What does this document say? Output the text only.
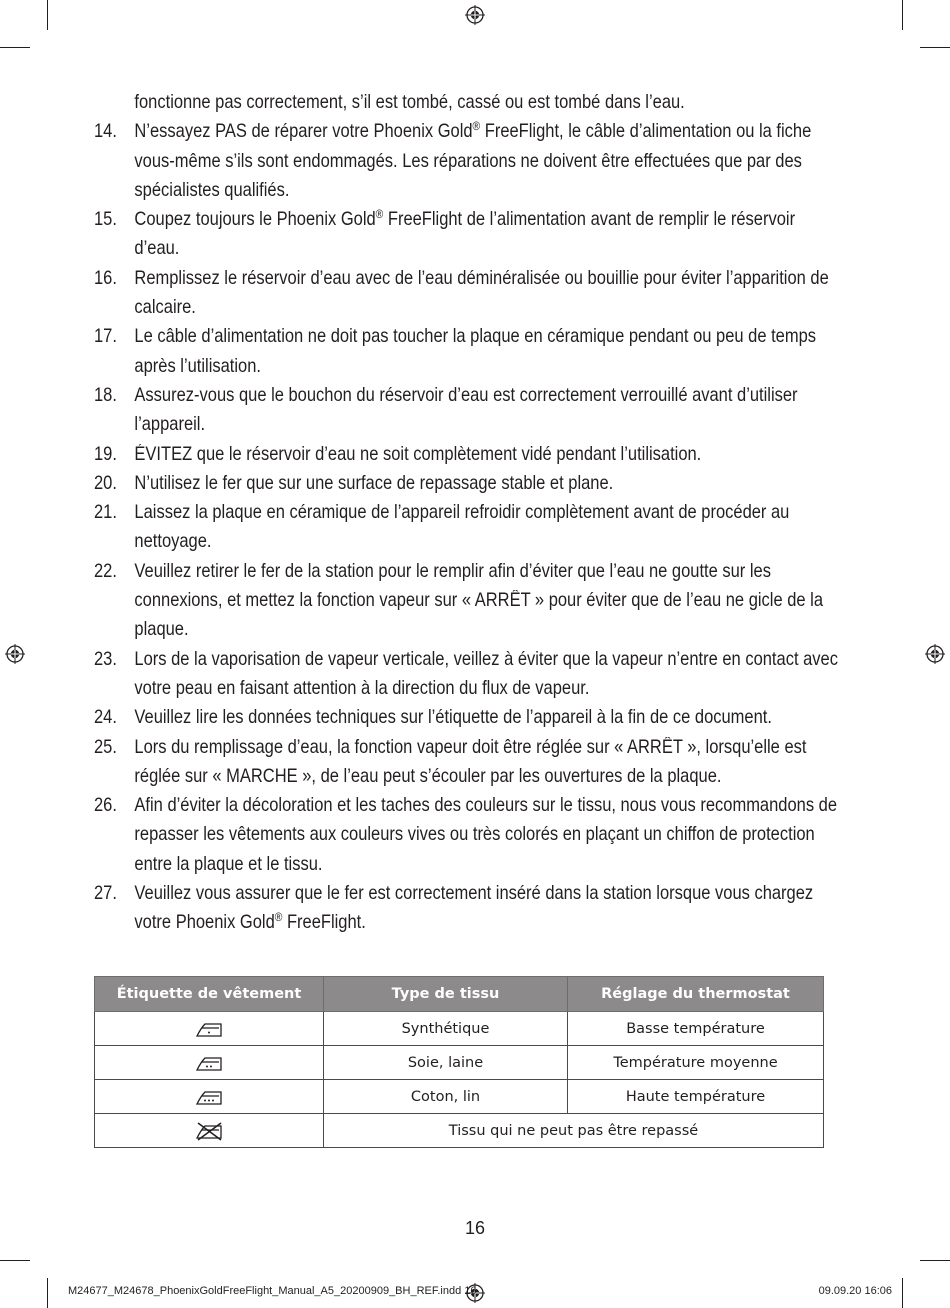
fonctionne pas correctement, s’il est tombé, cassé ou est tombé dans l’eau.
14. N’essayez PAS de réparer votre Phoenix Gold® FreeFlight, le câble d’alimentation ou la fiche
vous-même s’ils sont endommagés. Les réparations ne doivent être effectuées que par des
spécialistes qualifiés.
15. Coupez toujours le Phoenix Gold® FreeFlight de l’alimentation avant de remplir le réservoir
d’eau.
16. Remplissez le réservoir d’eau avec de l’eau déminéralisée ou bouillie pour éviter l’apparition de
calcaire.
17. Le câble d’alimentation ne doit pas toucher la plaque en céramique pendant ou peu de temps
après l’utilisation.
18. Assurez-vous que le bouchon du réservoir d’eau est correctement verrouillé avant d’utiliser
l’appareil.
19. ÉVITEZ que le réservoir d’eau ne soit complètement vidé pendant l’utilisation.
20. N’utilisez le fer que sur une surface de repassage stable et plane.
21. Laissez la plaque en céramique de l’appareil refroidir complètement avant de procéder au
nettoyage.
22. Veuillez retirer le fer de la station pour le remplir afin d’éviter que l’eau ne goutte sur les
connexions, et mettez la fonction vapeur sur « ARRÊT » pour éviter que de l’eau ne gicle de la
plaque.
23. Lors de la vaporisation de vapeur verticale, veillez à éviter que la vapeur n’entre en contact avec
votre peau en faisant attention à la direction du flux de vapeur.
24. Veuillez lire les données techniques sur l’étiquette de l’appareil à la fin de ce document.
25. Lors du remplissage d’eau, la fonction vapeur doit être réglée sur « ARRÊT », lorsqu’elle est
réglée sur « MARCHE », de l’eau peut s’écouler par les ouvertures de la plaque.
26. Afin d’éviter la décoloration et les taches des couleurs sur le tissu, nous vous recommandons de
repasser les vêtements aux couleurs vives ou très colorés en plaçant un chiffon de protection
entre la plaque et le tissu.
27. Veuillez vous assurer que le fer est correctement inséré dans la station lorsque vous chargez
votre Phoenix Gold® FreeFlight.
Étiquette de vêtement	Type de tissu	Réglage du thermostat
	Synthétique	Basse température
	Soie, laine	Température moyenne
	Coton, lin	Haute température
	Tissu qui ne peut pas être repassé	
16
M24677_M24678_PhoenixGoldFreeFlight_Manual_A5_20200909_BH_REF.indd 16	09.09.20 16:06
